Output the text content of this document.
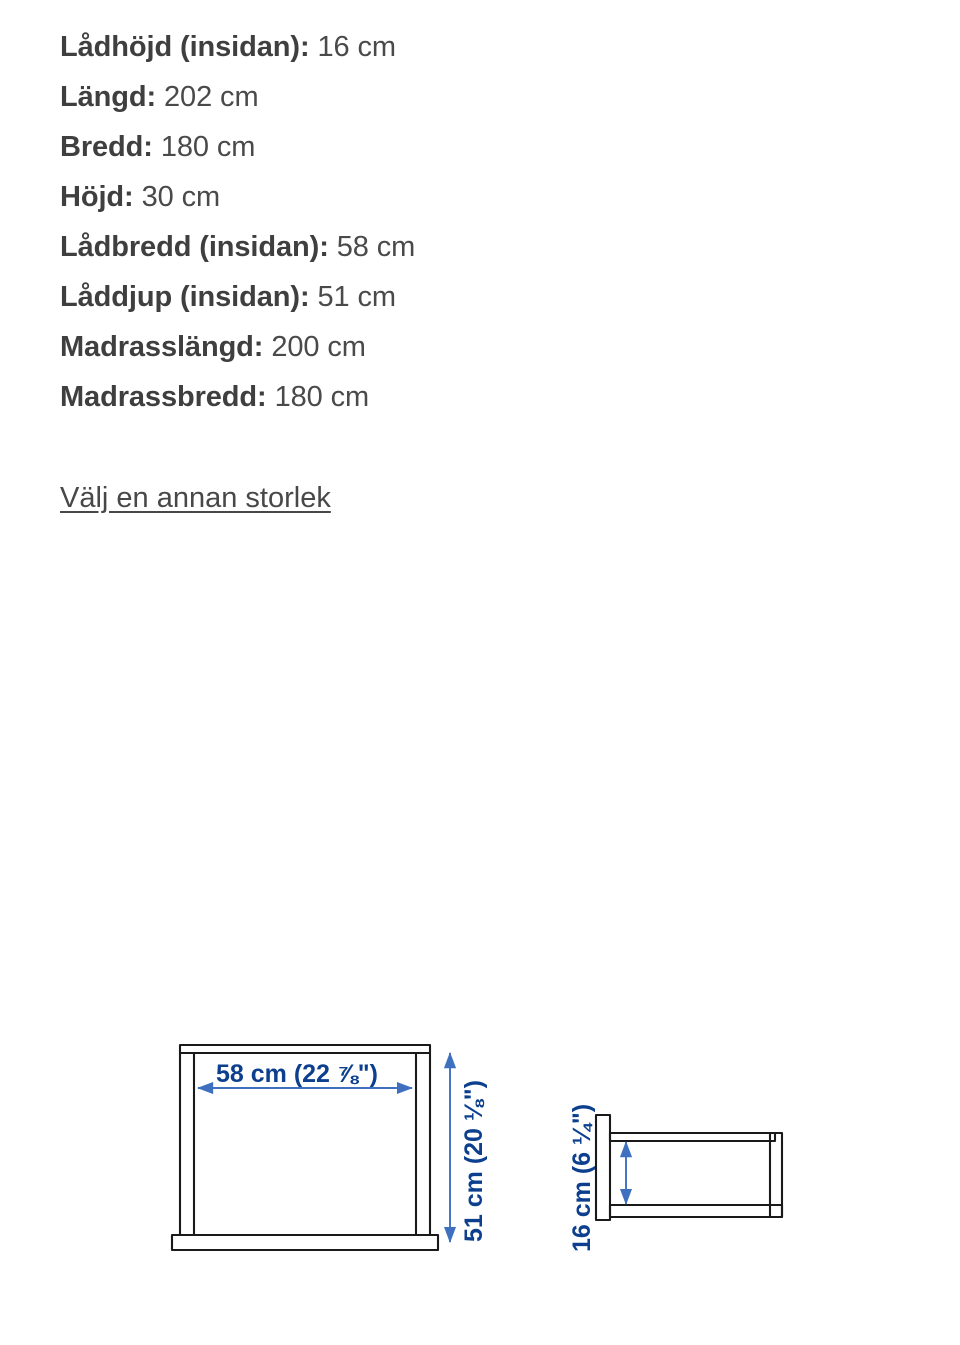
Lådhöjd (insidan): 16 cm
Längd: 202 cm
Bredd: 180 cm
Höjd: 30 cm
Lådbredd (insidan): 58 cm
Låddjup (insidan): 51 cm
Madrasslängd: 200 cm
Madrassbredd: 180 cm
Välj en annan storlek
58 cm (22 ⅞")
51 cm (20 ⅛")	16 cm (6 ¼")
